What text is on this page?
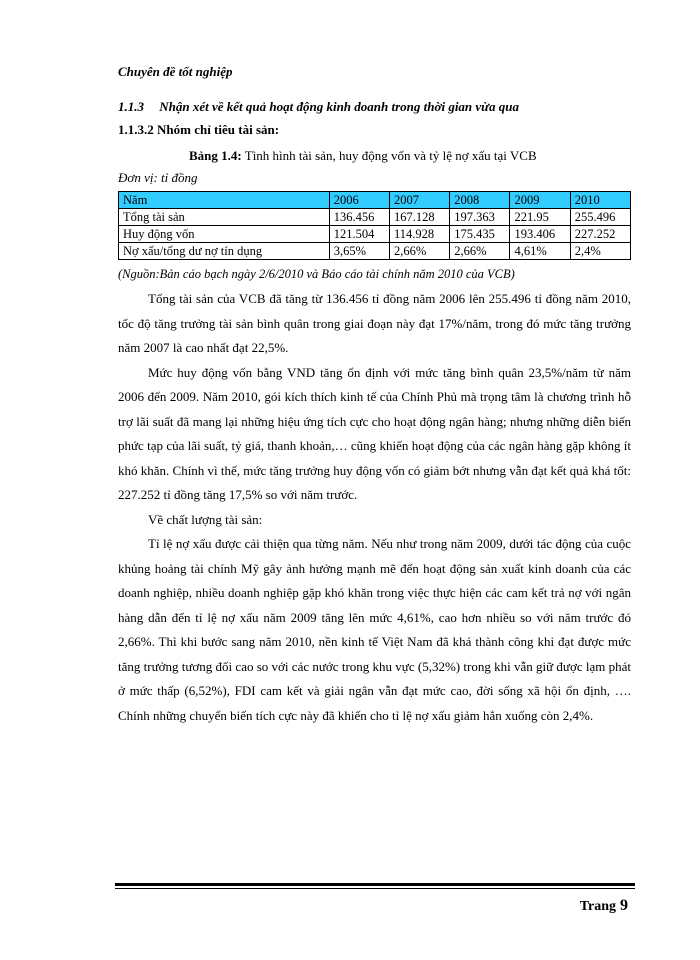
Chuyên đề tốt nghiệp
1.1.3 Nhận xét về kết quả hoạt động kinh doanh trong thời gian vừa qua
1.1.3.2 Nhóm chỉ tiêu tài sản:
Bảng 1.4: Tình hình tài sản, huy động vốn và tỷ lệ nợ xấu tại VCB
Đơn vị: tỉ đồng
Năm	2006	2007	2008	2009	2010
Tổng tài sản	136.456	167.128	197.363	221.95	255.496
Huy động vốn	121.504	114.928	175.435	193.406	227.252
Nợ xấu/tổng dư nợ tín dụng	3,65%	2,66%	2,66%	4,61%	2,4%
(Nguồn:Bản cáo bạch ngày 2/6/2010 và Báo cáo tài chính năm 2010 của VCB)

Tổng tài sản của VCB đã tăng từ 136.456 tỉ đồng năm 2006 lên 255.496 tỉ đồng năm 2010, tốc độ tăng trưởng tài sản bình quân trong giai đoạn này đạt 17%/năm, trong đó mức tăng trưởng năm 2007 là cao nhất đạt 22,5%.

Mức huy động vốn bằng VND tăng ổn định với mức tăng bình quân 23,5%/năm từ năm 2006 đến 2009. Năm 2010, gói kích thích kinh tế của Chính Phủ mà trọng tâm là chương trình hỗ trợ lãi suất đã mang lại những hiệu ứng tích cực cho hoạt động ngân hàng; nhưng những diễn biến phức tạp của lãi suất, tỷ giá, thanh khoản,… cũng khiến hoạt động của các ngân hàng gặp không ít khó khăn. Chính vì thế, mức tăng trưởng huy động vốn có giảm bớt nhưng vẫn đạt kết quả khá tốt: 227.252 tỉ đồng tăng 17,5% so với năm trước.

Về chất lượng tài sản:

Tỉ lệ nợ xấu được cải thiện qua từng năm. Nếu như trong năm 2009, dưới tác động của cuộc khủng hoảng tài chính Mỹ gây ảnh hưởng mạnh mẽ đến hoạt động sản xuất kinh doanh của các doanh nghiệp, nhiều doanh nghiệp gặp khó khăn trong việc thực hiện các cam kết trả nợ với ngân hàng dẫn đến tỉ lệ nợ xấu năm 2009 tăng lên mức 4,61%, cao hơn nhiều so với năm trước đó 2,66%. Thì khi bước sang năm 2010, nền kinh tế Việt Nam đã khá thành công khi đạt được mức tăng trưởng tương đối cao so với các nước trong khu vực (5,32%) trong khi vẫn giữ được lạm phát ở mức thấp (6,52%), FDI cam kết và giải ngân vẫn đạt mức cao, đời sống xã hội ổn định, …. Chính những chuyển biến tích cực này đã khiến cho tỉ lệ nợ xấu giảm hẳn xuống còn 2,4%.

Trang 9
